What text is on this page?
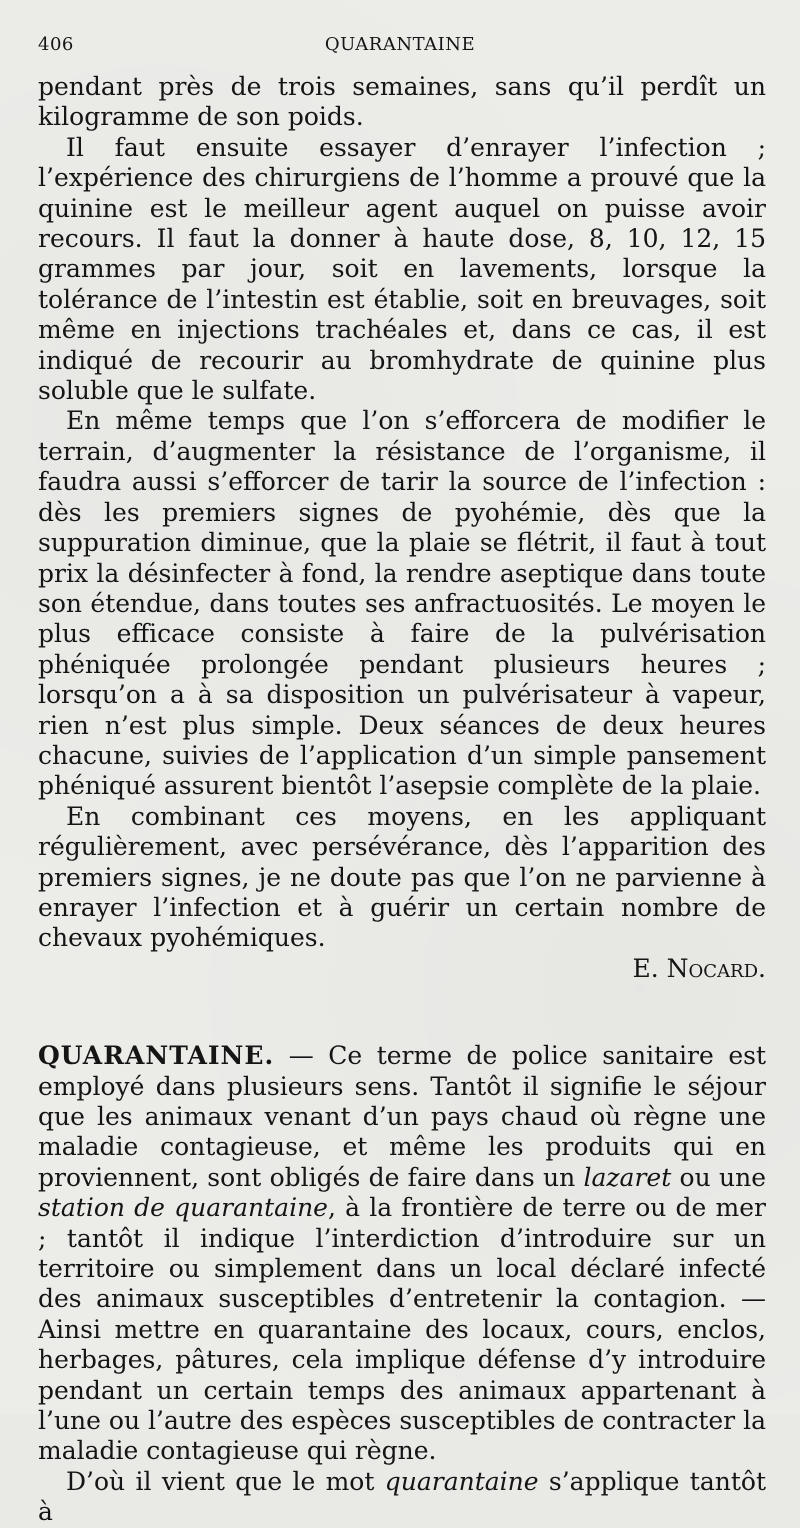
406	QUARANTAINE

pendant près de trois semaines, sans qu’il perdît un kilogramme de son poids.

Il faut ensuite essayer d’enrayer l’infection ; l’expérience des chirurgiens de l’homme a prouvé que la quinine est le meilleur agent auquel on puisse avoir recours. Il faut la donner à haute dose, 8, 10, 12, 15 grammes par jour, soit en lavements, lorsque la tolérance de l’intestin est établie, soit en breuvages, soit même en injections trachéales et, dans ce cas, il est indiqué de recourir au bromhydrate de quinine plus soluble que le sulfate.

En même temps que l’on s’efforcera de modifier le terrain, d’augmenter la résistance de l’organisme, il faudra aussi s’efforcer de tarir la source de l’infection : dès les premiers signes de pyohémie, dès que la suppuration diminue, que la plaie se flétrit, il faut à tout prix la désinfecter à fond, la rendre aseptique dans toute son étendue, dans toutes ses anfractuosités. Le moyen le plus efficace consiste à faire de la pulvérisation phéniquée prolongée pendant plusieurs heures ; lorsqu’on a à sa disposition un pulvérisateur à vapeur, rien n’est plus simple. Deux séances de deux heures chacune, suivies de l’application d’un simple pansement phéniqué assurent bientôt l’asepsie complète de la plaie.

En combinant ces moyens, en les appliquant régulièrement, avec persévérance, dès l’apparition des premiers signes, je ne doute pas que l’on ne parvienne à enrayer l’infection et à guérir un certain nombre de chevaux pyohémiques.

E. Nocard.

QUARANTAINE. — Ce terme de police sanitaire est employé dans plusieurs sens. Tantôt il signifie le séjour que les animaux venant d’un pays chaud où règne une maladie contagieuse, et même les produits qui en proviennent, sont obligés de faire dans un lazaret ou une station de quarantaine, à la frontière de terre ou de mer ; tantôt il indique l’interdiction d’introduire sur un territoire ou simplement dans un local déclaré infecté des animaux susceptibles d’entretenir la contagion. — Ainsi mettre en quarantaine des locaux, cours, enclos, herbages, pâtures, cela implique défense d’y introduire pendant un certain temps des animaux appartenant à l’une ou l’autre des espèces susceptibles de contracter la maladie contagieuse qui règne.

D’où il vient que le mot quarantaine s’applique tantôt à
